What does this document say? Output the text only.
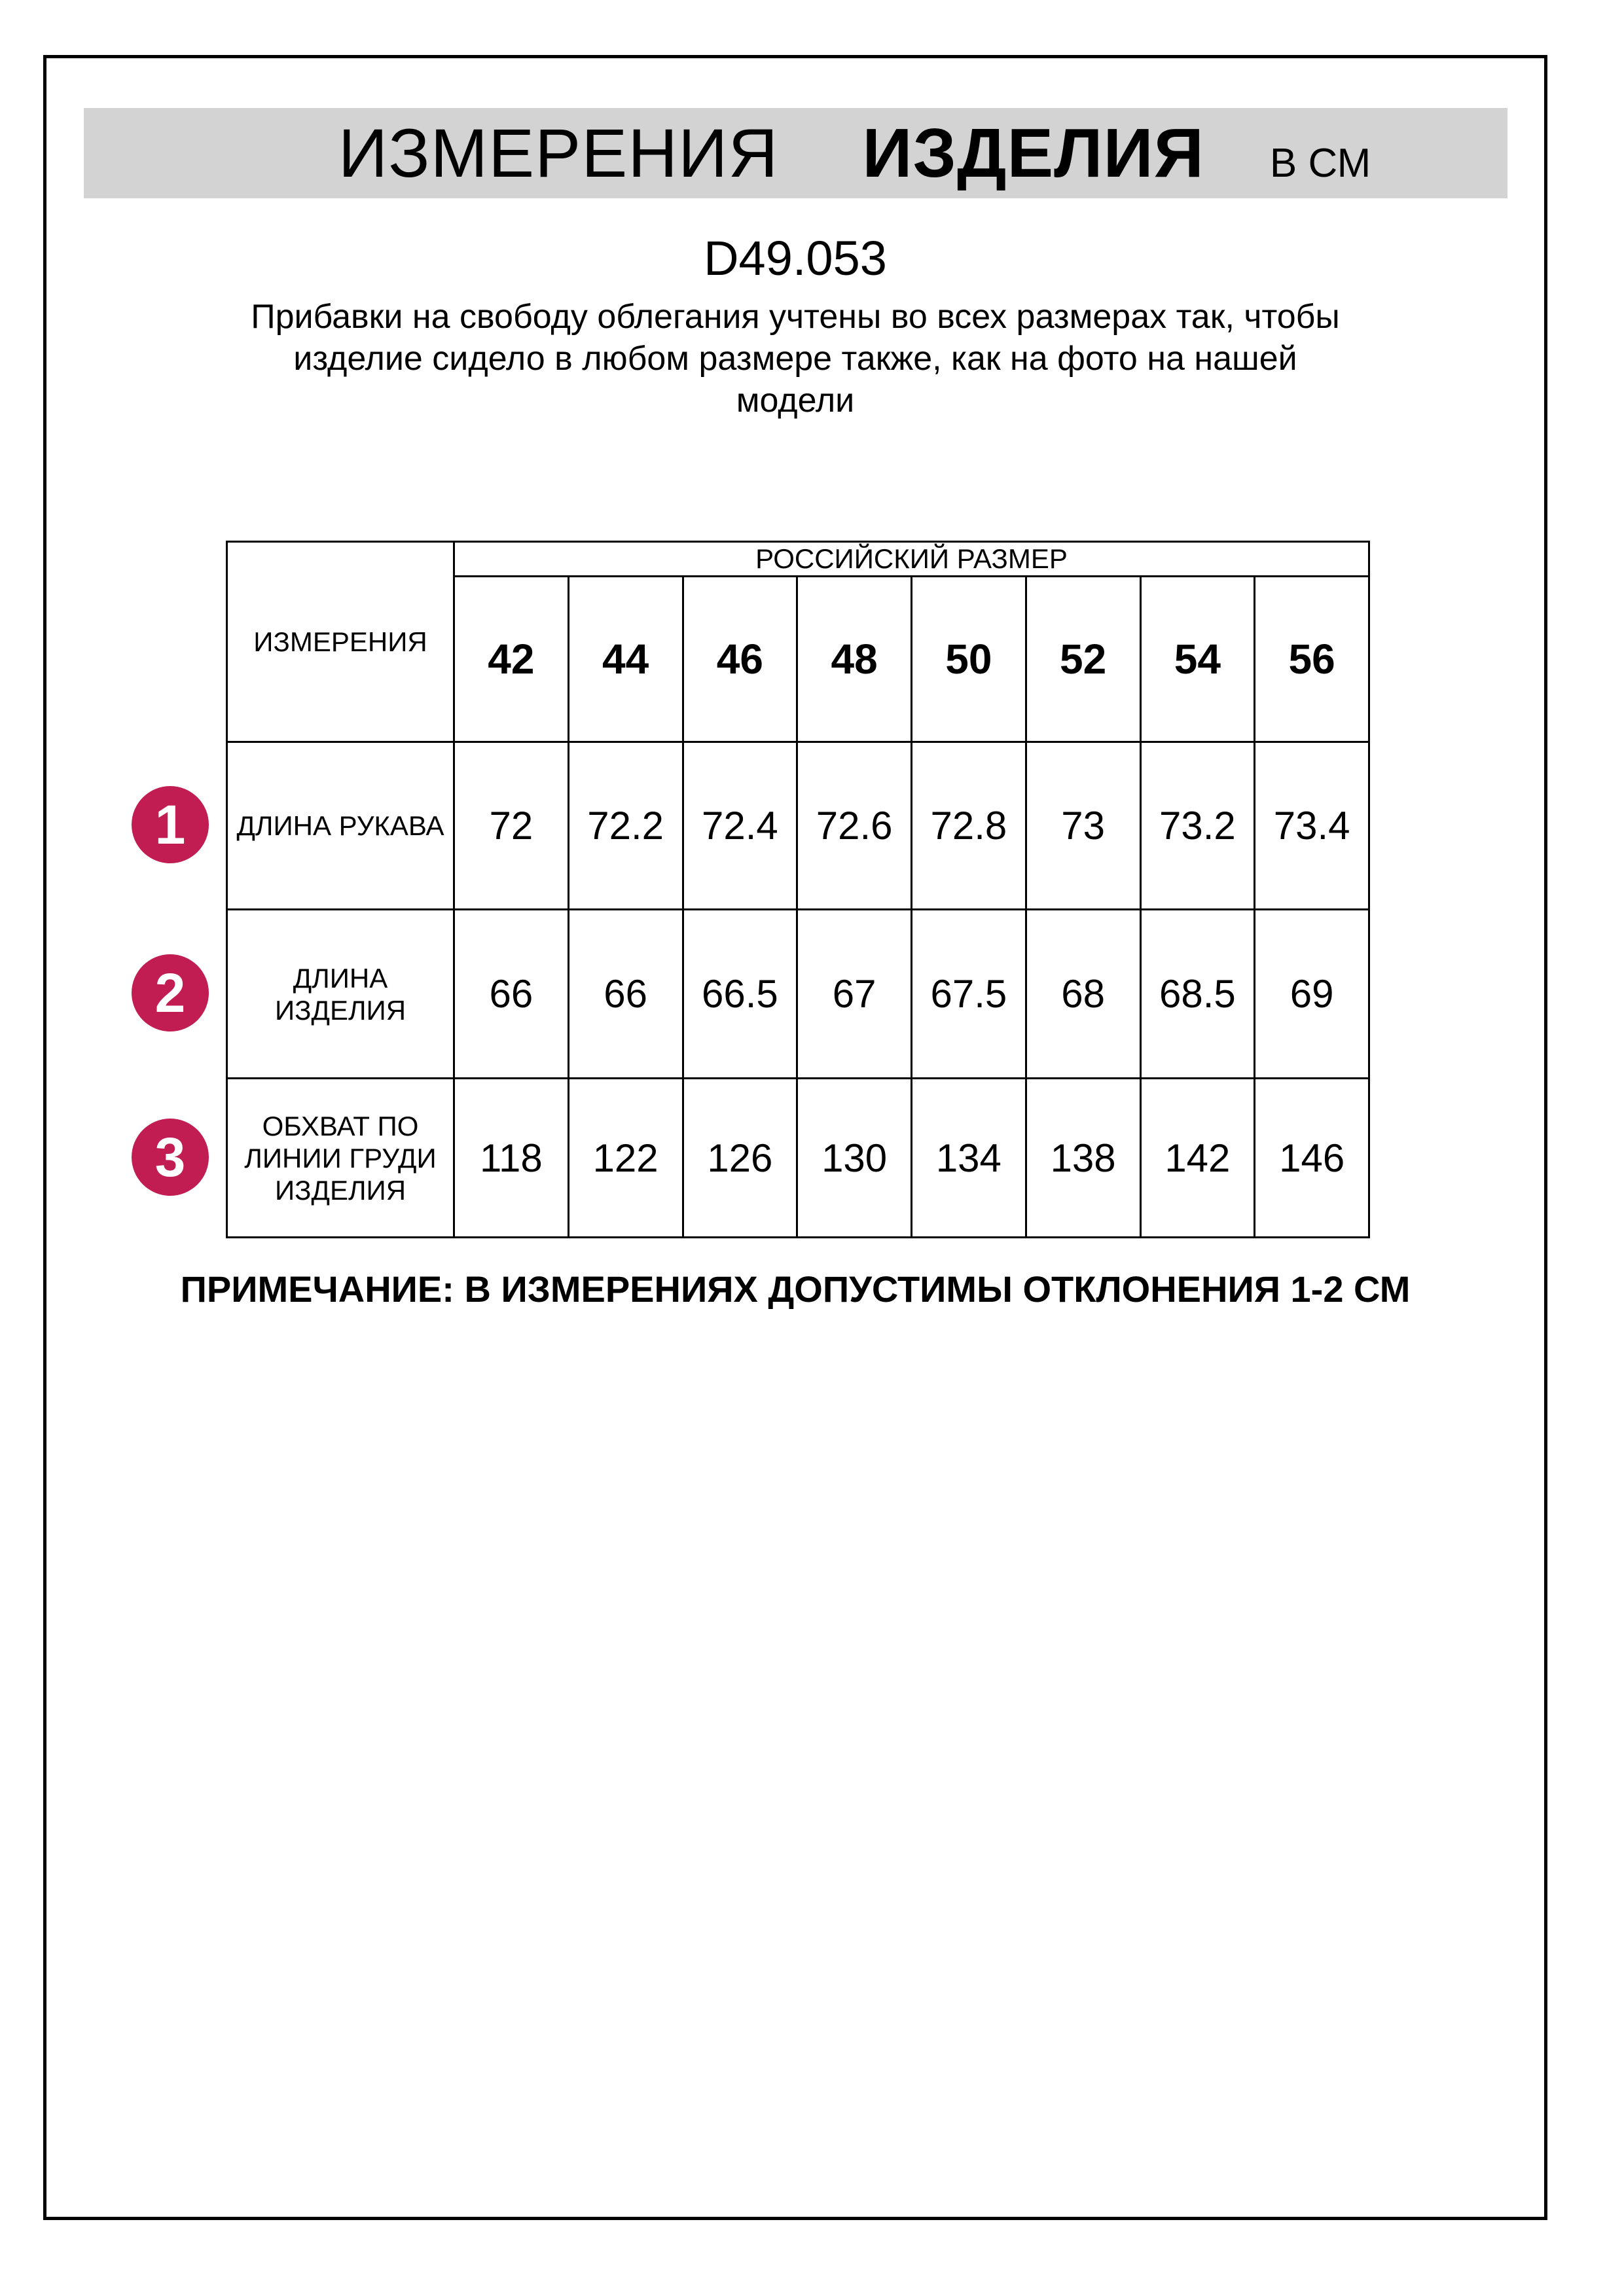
ИЗМЕРЕНИЯ ИЗДЕЛИЯ В СМ
D49.053
Прибавки на свободу облегания учтены во всех размерах так, чтобы
изделие сидело в любом размере также, как на фото на нашей
модели
ИЗМЕРЕНИЯ	РОССИЙСКИЙ РАЗМЕР							
	42	44	46	48	50	52	54	56

ДЛИНА РУКАВА	72	72.2	72.4	72.6	72.8	73	73.2	73.4

ДЛИНА
ИЗДЕЛИЯ	66	66	66.5	67	67.5	68	68.5	69

ОБХВАТ ПО
ЛИНИИ ГРУДИ
ИЗДЕЛИЯ	118	122	126	130	134	138	142	146
1
2
3
ПРИМЕЧАНИЕ: В ИЗМЕРЕНИЯХ ДОПУСТИМЫ ОТКЛОНЕНИЯ 1-2 СМ
